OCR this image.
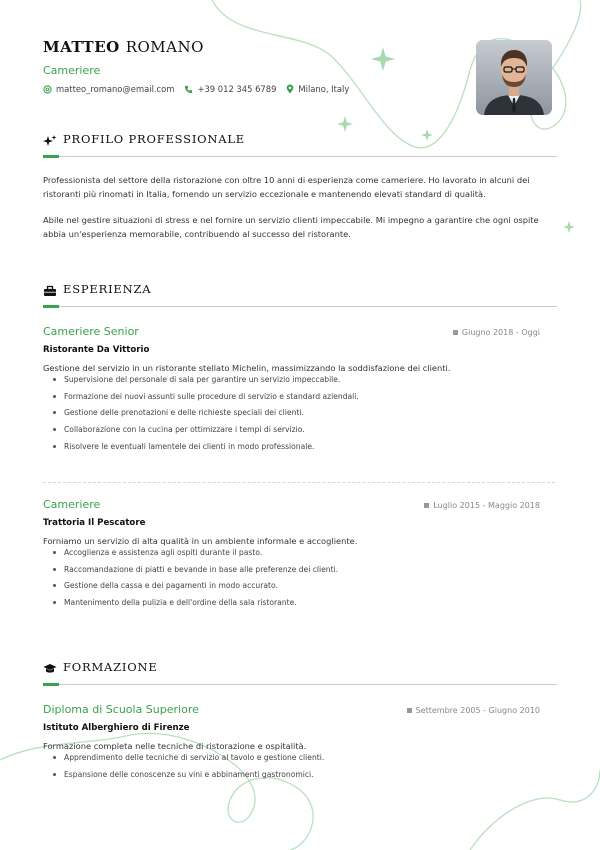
MATTEO ROMANO
Cameriere
matteo_romano@email.com	+39 012 345 6789	Milano, Italy
PROFILO PROFESSIONALE

Professionista del settore della ristorazione con oltre 10 anni di esperienza come cameriere. Ho lavorato in alcuni dei ristoranti più rinomati in Italia, fornendo un servizio eccezionale e mantenendo elevati standard di qualità.

Abile nel gestire situazioni di stress e nel fornire un servizio clienti impeccabile. Mi impegno a garantire che ogni ospite abbia un'esperienza memorabile, contribuendo al successo del ristorante.

ESPERIENZA
Cameriere Senior	Giugno 2018 - Oggi
Ristorante Da Vittorio
Gestione del servizio in un ristorante stellato Michelin, massimizzando la soddisfazione dei clienti.
Supervisione del personale di sala per garantire un servizio impeccabile.
Formazione dei nuovi assunti sulle procedure di servizio e standard aziendali.
Gestione delle prenotazioni e delle richieste speciali dei clienti.
Collaborazione con la cucina per ottimizzare i tempi di servizio.
Risolvere le eventuali lamentele dei clienti in modo professionale.
Cameriere	Luglio 2015 - Maggio 2018
Trattoria Il Pescatore
Forniamo un servizio di alta qualità in un ambiente informale e accogliente.
Accoglienza e assistenza agli ospiti durante il pasto.
Raccomandazione di piatti e bevande in base alle preferenze dei clienti.
Gestione della cassa e dei pagamenti in modo accurato.
Mantenimento della pulizia e dell'ordine della sala ristorante.
FORMAZIONE
Diploma di Scuola Superiore	Settembre 2005 - Giugno 2010
Istituto Alberghiero di Firenze
Formazione completa nelle tecniche di ristorazione e ospitalità.
Apprendimento delle tecniche di servizio al tavolo e gestione clienti.
Espansione delle conoscenze su vini e abbinamenti gastronomici.
